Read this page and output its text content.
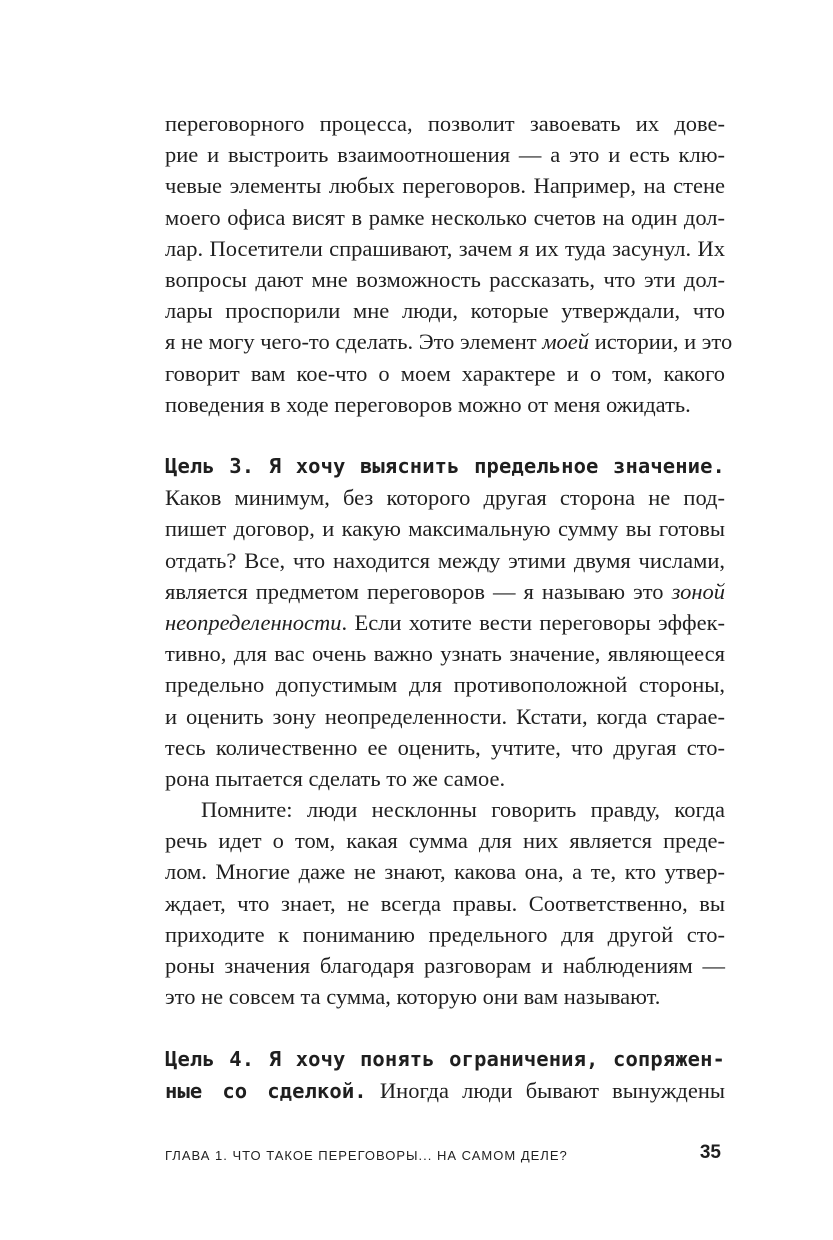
переговорного процесса, позволит завоевать их дове-
рие и выстроить взаимоотношения — а это и есть клю-
чевые элементы любых переговоров. Например, на стене
моего офиса висят в рамке несколько счетов на один дол-
лар. Посетители спрашивают, зачем я их туда засунул. Их
вопросы дают мне возможность рассказать, что эти дол-
лары проспорили мне люди, которые утверждали, что
я не могу чего-то сделать. Это элемент моей истории, и это
говорит вам кое-что о моем характере и о том, какого
поведения в ходе переговоров можно от меня ожидать.
Цель 3. Я хочу выяснить предельное значение.
Каков минимум, без которого другая сторона не под-
пишет договор, и какую максимальную сумму вы готовы
отдать? Все, что находится между этими двумя числами,
является предметом переговоров — я называю это зоной
неопределенности. Если хотите вести переговоры эффек-
тивно, для вас очень важно узнать значение, являющееся
предельно допустимым для противоположной стороны,
и оценить зону неопределенности. Кстати, когда старае-
тесь количественно ее оценить, учтите, что другая сто-
рона пытается сделать то же самое.
Помните: люди несклонны говорить правду, когда
речь идет о том, какая сумма для них является преде-
лом. Многие даже не знают, какова она, а те, кто утвер-
ждает, что знает, не всегда правы. Соответственно, вы
приходите к пониманию предельного для другой сто-
роны значения благодаря разговорам и наблюдениям —
это не совсем та сумма, которую они вам называют.
Цель 4. Я хочу понять ограничения, сопряжен-
ные со сделкой. Иногда люди бывают вынуждены
ГЛАВА 1. ЧТО ТАКОЕ ПЕРЕГОВОРЫ... НА САМОМ ДЕЛЕ?	35
